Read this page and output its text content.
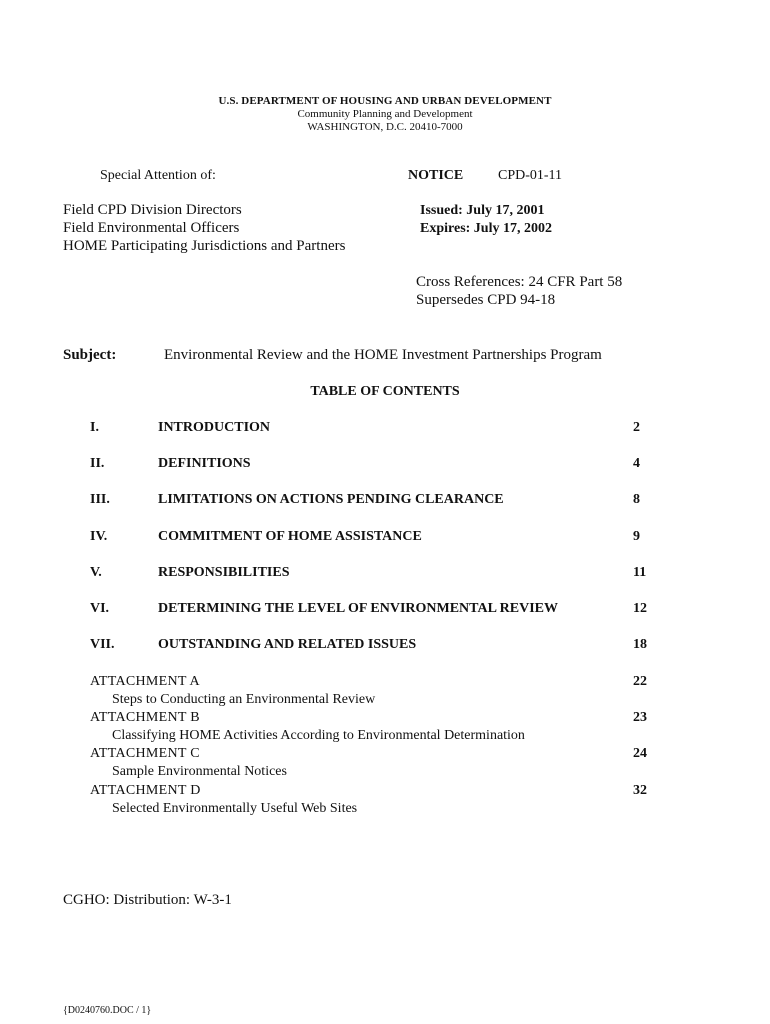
U.S. DEPARTMENT OF HOUSING AND URBAN DEVELOPMENT
Community Planning and Development
WASHINGTON, D.C. 20410-7000
Special Attention of:	NOTICE CPD-01-11
Field CPD Division Directors
Field Environmental Officers
HOME Participating Jurisdictions and Partners
Issued: July 17, 2001
Expires: July 17, 2002
Cross References: 24 CFR Part 58
Supersedes CPD 94-18
Subject:	Environmental Review and the HOME Investment Partnerships Program
TABLE OF CONTENTS
I.	INTRODUCTION	2
II.	DEFINITIONS	4
III.	LIMITATIONS ON ACTIONS PENDING CLEARANCE	8
IV.	COMMITMENT OF HOME ASSISTANCE	9
V.	RESPONSIBILITIES	11
VI.	DETERMINING THE LEVEL OF ENVIRONMENTAL REVIEW	12
VII.	OUTSTANDING AND RELATED ISSUES	18
ATTACHMENT A	22
Steps to Conducting an Environmental Review
ATTACHMENT B	23
Classifying HOME Activities According to Environmental Determination
ATTACHMENT C	24
Sample Environmental Notices
ATTACHMENT D	32
Selected Environmentally Useful Web Sites
CGHO: Distribution: W-3-1
{D0240760.DOC / 1}
